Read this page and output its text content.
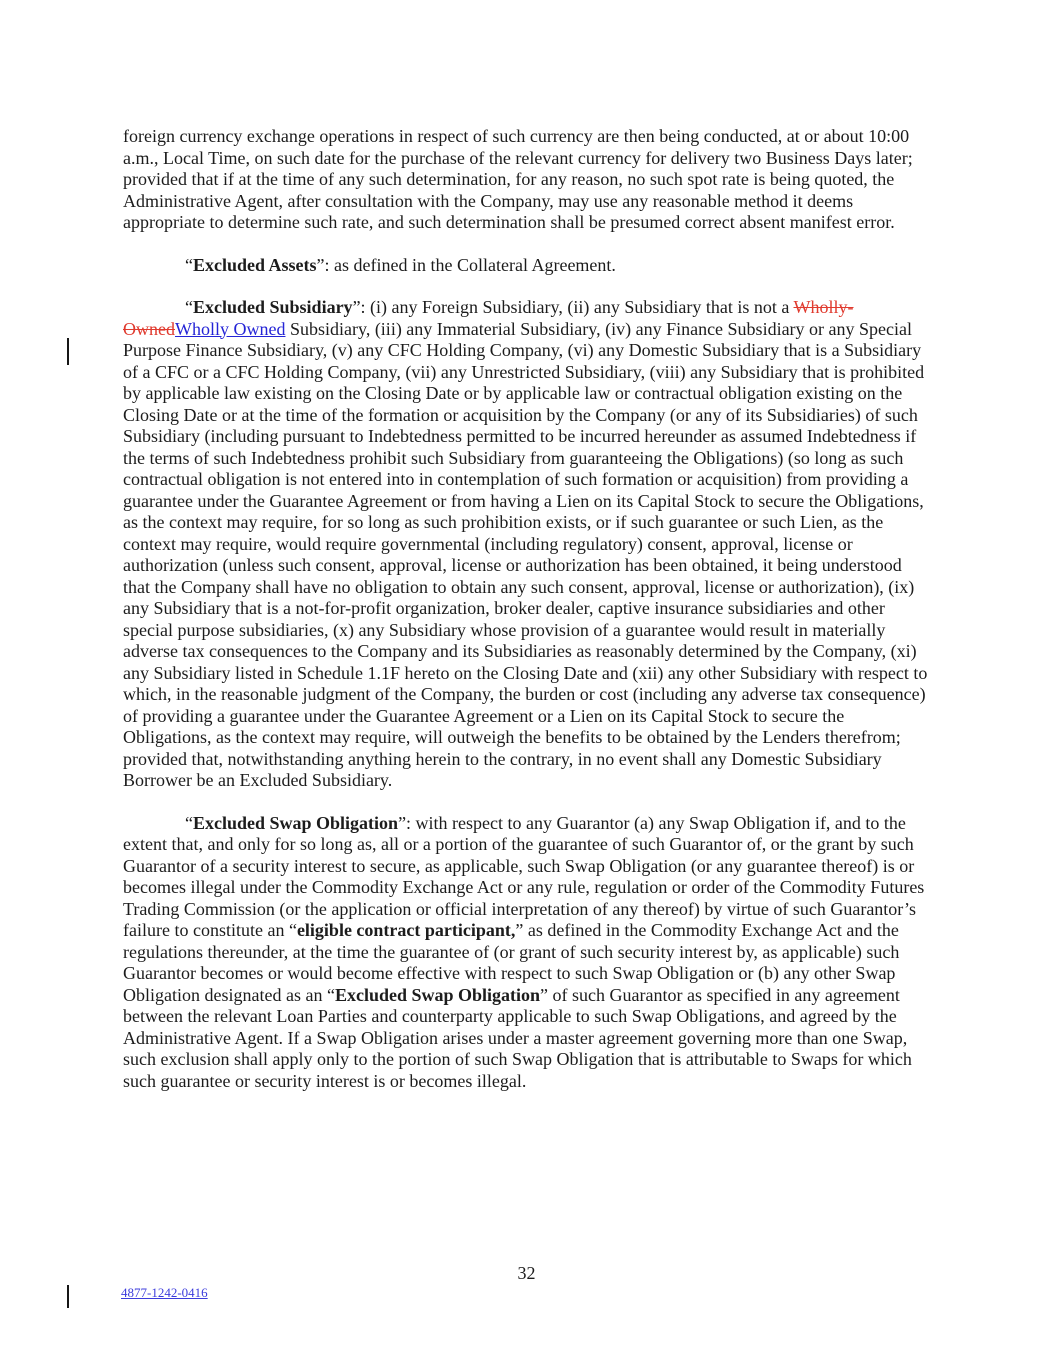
foreign currency exchange operations in respect of such currency are then being conducted, at or about 10:00 a.m., Local Time, on such date for the purchase of the relevant currency for delivery two Business Days later; provided that if at the time of any such determination, for any reason, no such spot rate is being quoted, the Administrative Agent, after consultation with the Company, may use any reasonable method it deems appropriate to determine such rate, and such determination shall be presumed correct absent manifest error.

“Excluded Assets”: as defined in the Collateral Agreement.

“Excluded Subsidiary”: (i) any Foreign Subsidiary, (ii) any Subsidiary that is not a Wholly-OwnedWholly Owned Subsidiary, (iii) any Immaterial Subsidiary, (iv) any Finance Subsidiary or any Special Purpose Finance Subsidiary, (v) any CFC Holding Company, (vi) any Domestic Subsidiary that is a Subsidiary of a CFC or a CFC Holding Company, (vii) any Unrestricted Subsidiary, (viii) any Subsidiary that is prohibited by applicable law existing on the Closing Date or by applicable law or contractual obligation existing on the Closing Date or at the time of the formation or acquisition by the Company (or any of its Subsidiaries) of such Subsidiary (including pursuant to Indebtedness permitted to be incurred hereunder as assumed Indebtedness if the terms of such Indebtedness prohibit such Subsidiary from guaranteeing the Obligations) (so long as such contractual obligation is not entered into in contemplation of such formation or acquisition) from providing a guarantee under the Guarantee Agreement or from having a Lien on its Capital Stock to secure the Obligations, as the context may require, for so long as such prohibition exists, or if such guarantee or such Lien, as the context may require, would require governmental (including regulatory) consent, approval, license or authorization (unless such consent, approval, license or authorization has been obtained, it being understood that the Company shall have no obligation to obtain any such consent, approval, license or authorization), (ix) any Subsidiary that is a not-for-profit organization, broker dealer, captive insurance subsidiaries and other special purpose subsidiaries, (x) any Subsidiary whose provision of a guarantee would result in materially adverse tax consequences to the Company and its Subsidiaries as reasonably determined by the Company, (xi) any Subsidiary listed in Schedule 1.1F hereto on the Closing Date and (xii) any other Subsidiary with respect to which, in the reasonable judgment of the Company, the burden or cost (including any adverse tax consequence) of providing a guarantee under the Guarantee Agreement or a Lien on its Capital Stock to secure the Obligations, as the context may require, will outweigh the benefits to be obtained by the Lenders therefrom; provided that, notwithstanding anything herein to the contrary, in no event shall any Domestic Subsidiary Borrower be an Excluded Subsidiary.

“Excluded Swap Obligation”: with respect to any Guarantor (a) any Swap Obligation if, and to the extent that, and only for so long as, all or a portion of the guarantee of such Guarantor of, or the grant by such Guarantor of a security interest to secure, as applicable, such Swap Obligation (or any guarantee thereof) is or becomes illegal under the Commodity Exchange Act or any rule, regulation or order of the Commodity Futures Trading Commission (or the application or official interpretation of any thereof) by virtue of such Guarantor’s failure to constitute an “eligible contract participant,” as defined in the Commodity Exchange Act and the regulations thereunder, at the time the guarantee of (or grant of such security interest by, as applicable) such Guarantor becomes or would become effective with respect to such Swap Obligation or (b) any other Swap Obligation designated as an “Excluded Swap Obligation” of such Guarantor as specified in any agreement between the relevant Loan Parties and counterparty applicable to such Swap Obligations, and agreed by the Administrative Agent. If a Swap Obligation arises under a master agreement governing more than one Swap, such exclusion shall apply only to the portion of such Swap Obligation that is attributable to Swaps for which such guarantee or security interest is or becomes illegal.

32
4877-1242-0416
